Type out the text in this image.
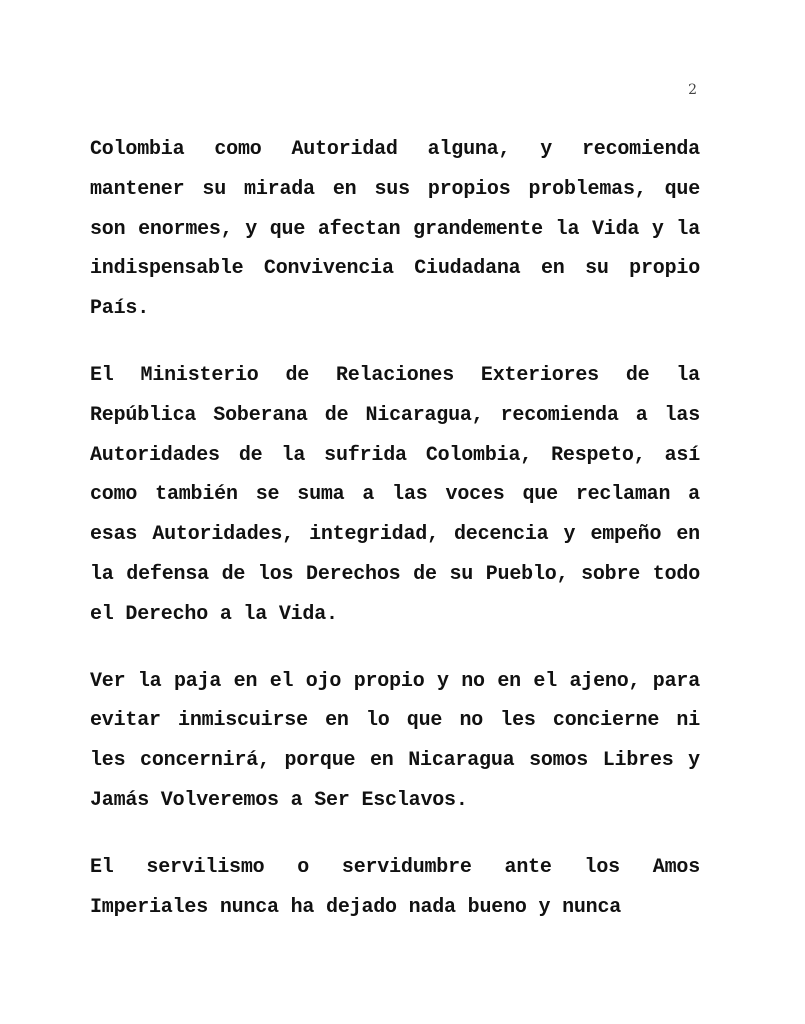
2

Colombia como Autoridad alguna, y recomienda mantener su mirada en sus propios problemas, que son enormes, y que afectan grandemente la Vida y la indispensable Convivencia Ciudadana en su propio País.

El Ministerio de Relaciones Exteriores de la República Soberana de Nicaragua, recomienda a las Autoridades de la sufrida Colombia, Respeto, así como también se suma a las voces que reclaman a esas Autoridades, integridad, decencia y empeño en la defensa de los Derechos de su Pueblo, sobre todo el Derecho a la Vida.

Ver la paja en el ojo propio y no en el ajeno, para evitar inmiscuirse en lo que no les concierne ni les concernirá, porque en Nicaragua somos Libres y Jamás Volveremos a Ser Esclavos.

El servilismo o servidumbre ante los Amos Imperiales nunca ha dejado nada bueno y nunca
